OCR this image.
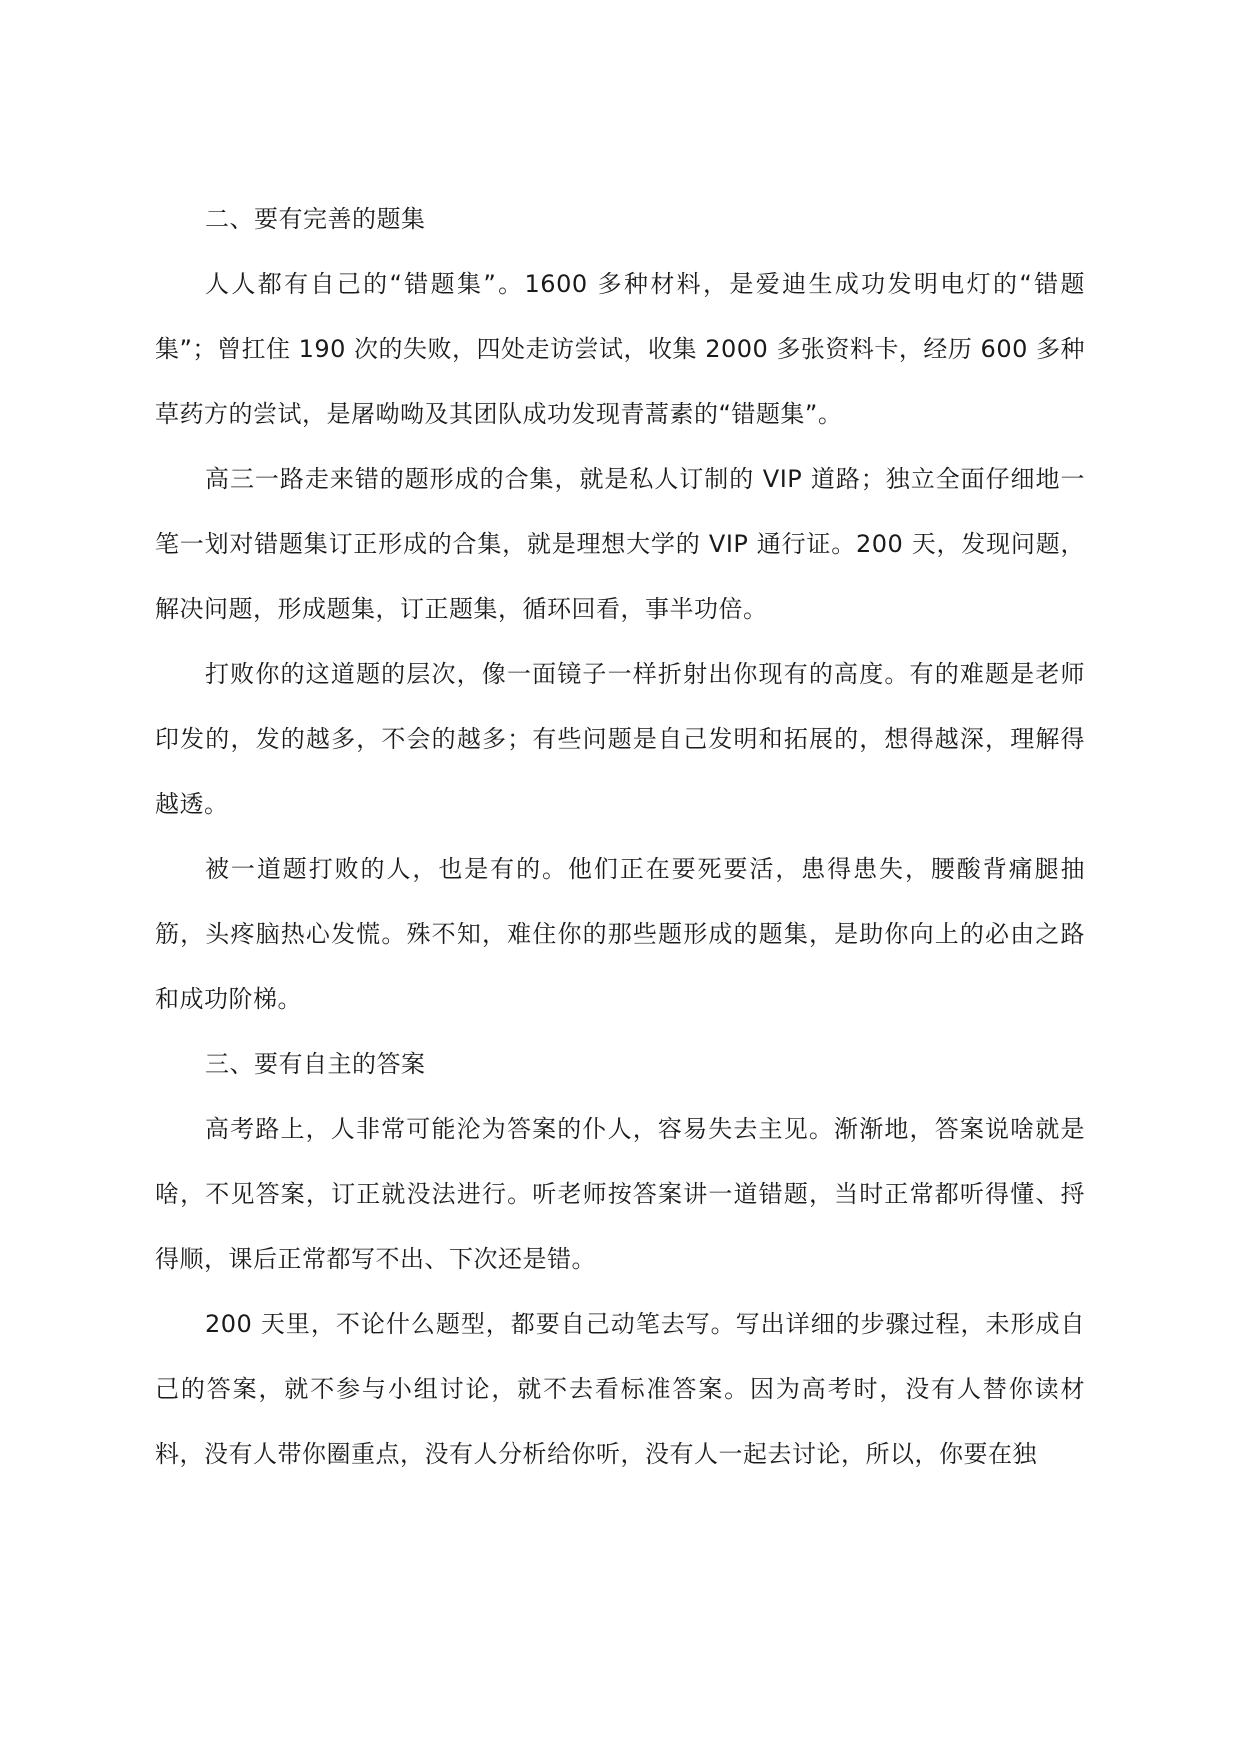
二、要有完善的题集

人人都有自己的“错题集”。1600 多种材料，是爱迪生成功发明电灯的“错题集”；曾扛住 190 次的失败，四处走访尝试，收集 2000 多张资料卡，经历 600 多种草药方的尝试，是屠呦呦及其团队成功发现青蒿素的“错题集”。

高三一路走来错的题形成的合集，就是私人订制的 VIP 道路；独立全面仔细地一笔一划对错题集订正形成的合集，就是理想大学的 VIP 通行证。200 天，发现问题，解决问题，形成题集，订正题集，循环回看，事半功倍。

打败你的这道题的层次，像一面镜子一样折射出你现有的高度。有的难题是老师印发的，发的越多，不会的越多；有些问题是自己发明和拓展的，想得越深，理解得越透。

被一道题打败的人，也是有的。他们正在要死要活，患得患失，腰酸背痛腿抽筋，头疼脑热心发慌。殊不知，难住你的那些题形成的题集，是助你向上的必由之路和成功阶梯。

三、要有自主的答案

高考路上，人非常可能沦为答案的仆人，容易失去主见。渐渐地，答案说啥就是啥，不见答案，订正就没法进行。听老师按答案讲一道错题，当时正常都听得懂、捋得顺，课后正常都写不出、下次还是错。

200 天里，不论什么题型，都要自己动笔去写。写出详细的步骤过程，未形成自己的答案，就不参与小组讨论，就不去看标准答案。因为高考时，没有人替你读材料，没有人带你圈重点，没有人分析给你听，没有人一起去讨论，所以，你要在独
